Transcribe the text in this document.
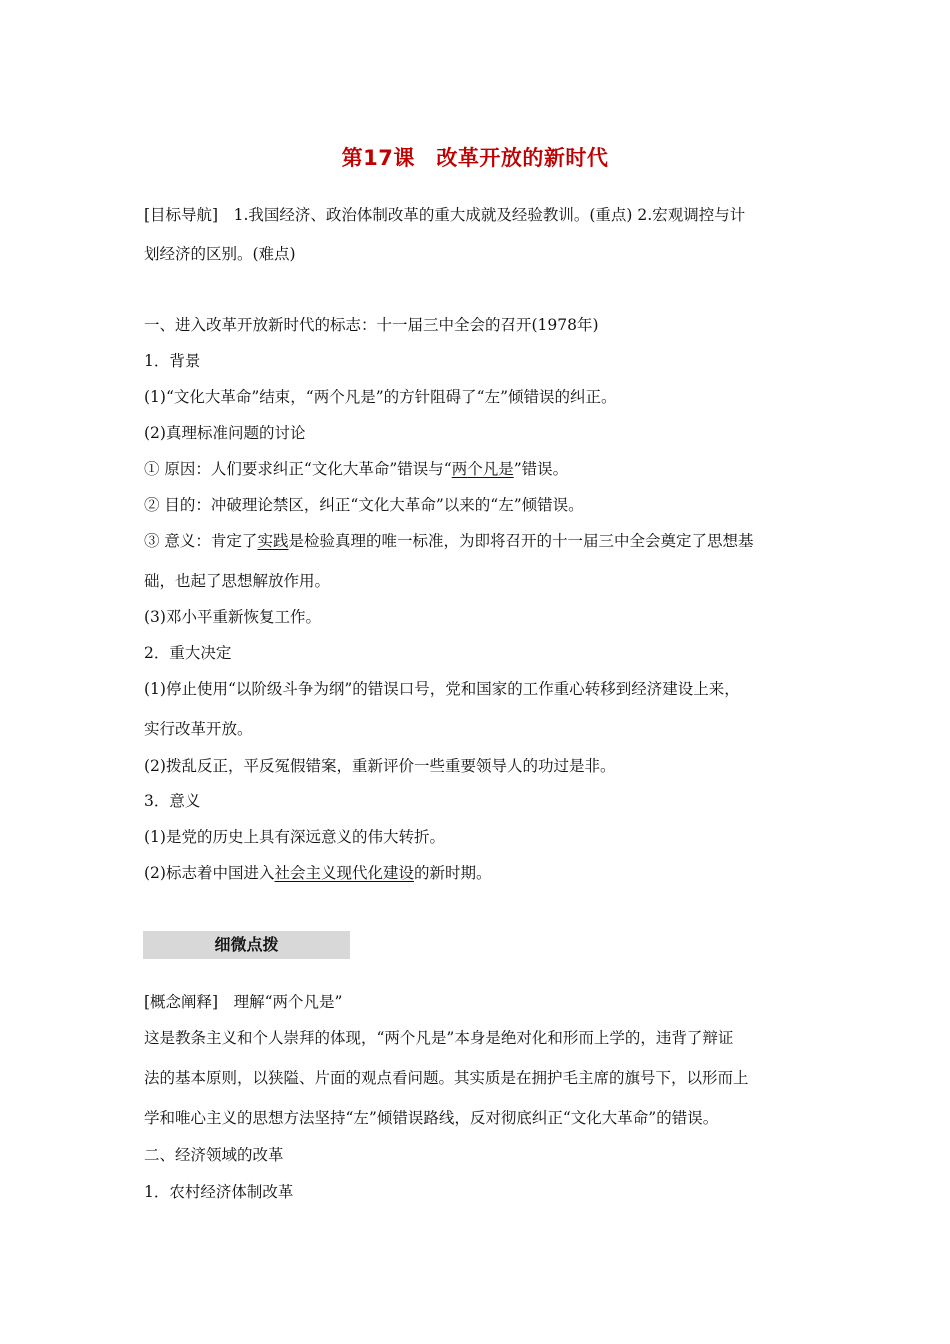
第17课　改革开放的新时代
[目标导航]　1.我国经济、政治体制改革的重大成就及经验教训。(重点) 2.宏观调控与计
划经济的区别。(难点)
一、进入改革开放新时代的标志：十一届三中全会的召开(1978年)
1．背景
(1)“文化大革命”结束，“两个凡是”的方针阻碍了“左”倾错误的纠正。
(2)真理标准问题的讨论
① 原因：人们要求纠正“文化大革命”错误与“两个凡是”错误。
② 目的：冲破理论禁区，纠正“文化大革命”以来的“左”倾错误。
③ 意义：肯定了实践是检验真理的唯一标准，为即将召开的十一届三中全会奠定了思想基
础，也起了思想解放作用。
(3)邓小平重新恢复工作。
2．重大决定
(1)停止使用“以阶级斗争为纲”的错误口号，党和国家的工作重心转移到经济建设上来，
实行改革开放。
(2)拨乱反正，平反冤假错案，重新评价一些重要领导人的功过是非。
3．意义
(1)是党的历史上具有深远意义的伟大转折。
(2)标志着中国进入社会主义现代化建设的新时期。
细微点拨
[概念阐释]　理解“两个凡是”
这是教条主义和个人崇拜的体现，“两个凡是”本身是绝对化和形而上学的，违背了辩证
法的基本原则，以狭隘、片面的观点看问题。其实质是在拥护毛主席的旗号下，以形而上
学和唯心主义的思想方法坚持“左”倾错误路线，反对彻底纠正“文化大革命”的错误。
二、经济领域的改革
1．农村经济体制改革
